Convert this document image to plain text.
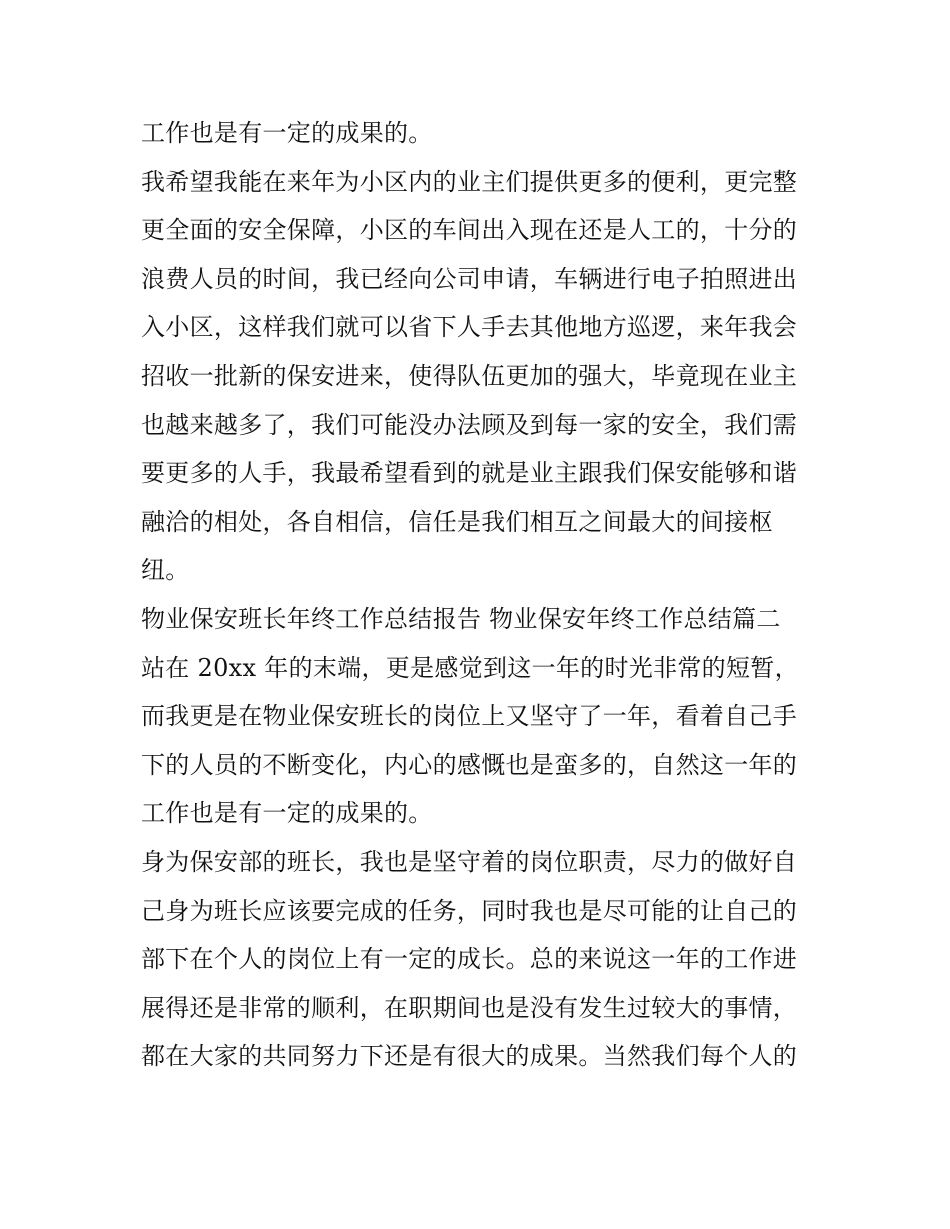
工作也是有一定的成果的。
我希望我能在来年为小区内的业主们提供更多的便利，更完整
更全面的安全保障，小区的车间出入现在还是人工的，十分的
浪费人员的时间，我已经向公司申请，车辆进行电子拍照进出
入小区，这样我们就可以省下人手去其他地方巡逻，来年我会
招收一批新的保安进来，使得队伍更加的强大，毕竟现在业主
也越来越多了，我们可能没办法顾及到每一家的安全，我们需
要更多的人手，我最希望看到的就是业主跟我们保安能够和谐
融洽的相处，各自相信，信任是我们相互之间最大的间接枢
纽。
物业保安班长年终工作总结报告 物业保安年终工作总结篇二
站在 20xx 年的末端，更是感觉到这一年的时光非常的短暂，
而我更是在物业保安班长的岗位上又坚守了一年，看着自己手
下的人员的不断变化，内心的感慨也是蛮多的，自然这一年的
工作也是有一定的成果的。
身为保安部的班长，我也是坚守着的岗位职责，尽力的做好自
己身为班长应该要完成的任务，同时我也是尽可能的让自己的
部下在个人的岗位上有一定的成长。总的来说这一年的工作进
展得还是非常的顺利，在职期间也是没有发生过较大的事情，
都在大家的共同努力下还是有很大的成果。当然我们每个人的
